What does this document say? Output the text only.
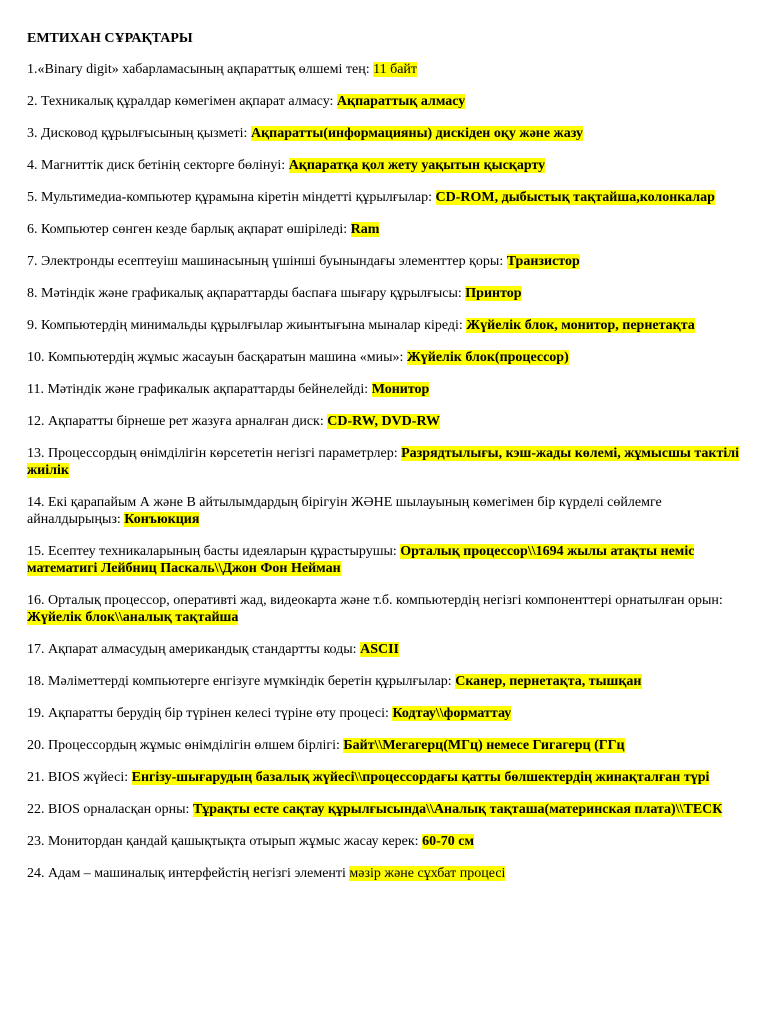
ЕМТИХАН СҰРАҚТАРЫ
1.«Binary digit» хабарламасының ақпараттық өлшемі тең: 11 байт
2. Техникалық құралдар көмегімен ақпарат алмасу: Ақпараттық алмасу
3. Дисковод құрылғысының қызметі: Ақпаратты(информацияны) дискіден оқу және жазу
4. Магниттік диск бетінің секторге бөлінуі: Ақпаратқа қол жету уақытын қысқарту
5. Мультимедиа-компьютер құрамына кіретін міндетті құрылғылар: CD-ROM, дыбыстық тақтайша,колонкалар
6. Компьютер сөнген кезде барлық ақпарат өшіріледі: Ram
7. Электронды есептеуіш машинасының үшінші буынындағы элементтер қоры: Транзистор
8. Мәтіндік және графикалық ақпараттарды баспаға шығару құрылғысы: Принтор
9. Компьютердің минимальды құрылғылар жиынтығына мыналар кіреді: Жүйелік блок, монитор, пернетақта
10. Компьютердің жұмыс жасауын басқаратын машина «миы»: Жүйелік блок(процессор)
11. Мәтіндік және графикалык ақпараттарды бейнелейді: Монитор
12. Ақпаратты бірнеше рет жазуға арналған диск: CD-RW, DVD-RW
13. Процессордың өнімділігін көрсететін негізгі параметрлер: Разрядтылығы, кэш-жады көлемі, жұмысшы тактілі жиілік
14. Екі қарапайым А және В айтылымдардың бірігуін ЖӘНЕ шылауының көмегімен бір күрделі сөйлемге айналдырыңыз: Конъюкция
15. Есептеу техникаларының басты идеяларын құрастырушы: Орталық процессор\\1694 жылы атақты неміс математигі Лейбниц Паскаль\\Джон Фон Нейман
16. Орталық процессор, оперативті жад, видеокарта және т.б. компьютердің негізгі компоненттері орнатылған орын: Жүйелік блок\\аналық тақтайша
17. Ақпарат алмасудың американдық стандартты коды: ASCII
18. Мәліметтерді компьютерге енгізуге мүмкіндік беретін құрылғылар: Сканер, пернетақта, тышқан
19. Ақпаратты берудің бір түрінен келесі түріне өту процесі: Кодтау\\форматтау
20. Процессордың жұмыс өнімділігін өлшем бірлігі: Байт\\Мегагерц(МГц) немесе Гигагерц (ГГц
21. BIOS жүйесі: Енгізу-шығарудың базалық жүйесі\\процессордағы қатты бөлшектердің жинақталған түрі
22. BIOS орналасқан орны: Тұрақты есте сақтау құрылғысында\\Аналық тақташа(материнская плата)\\ТЕСК
23. Монитордан қандай қашықтықта отырып жұмыс жасау керек: 60-70 см
24. Адам – машиналық интерфейстің негізгі элементі мәзір және сұхбат процесі
